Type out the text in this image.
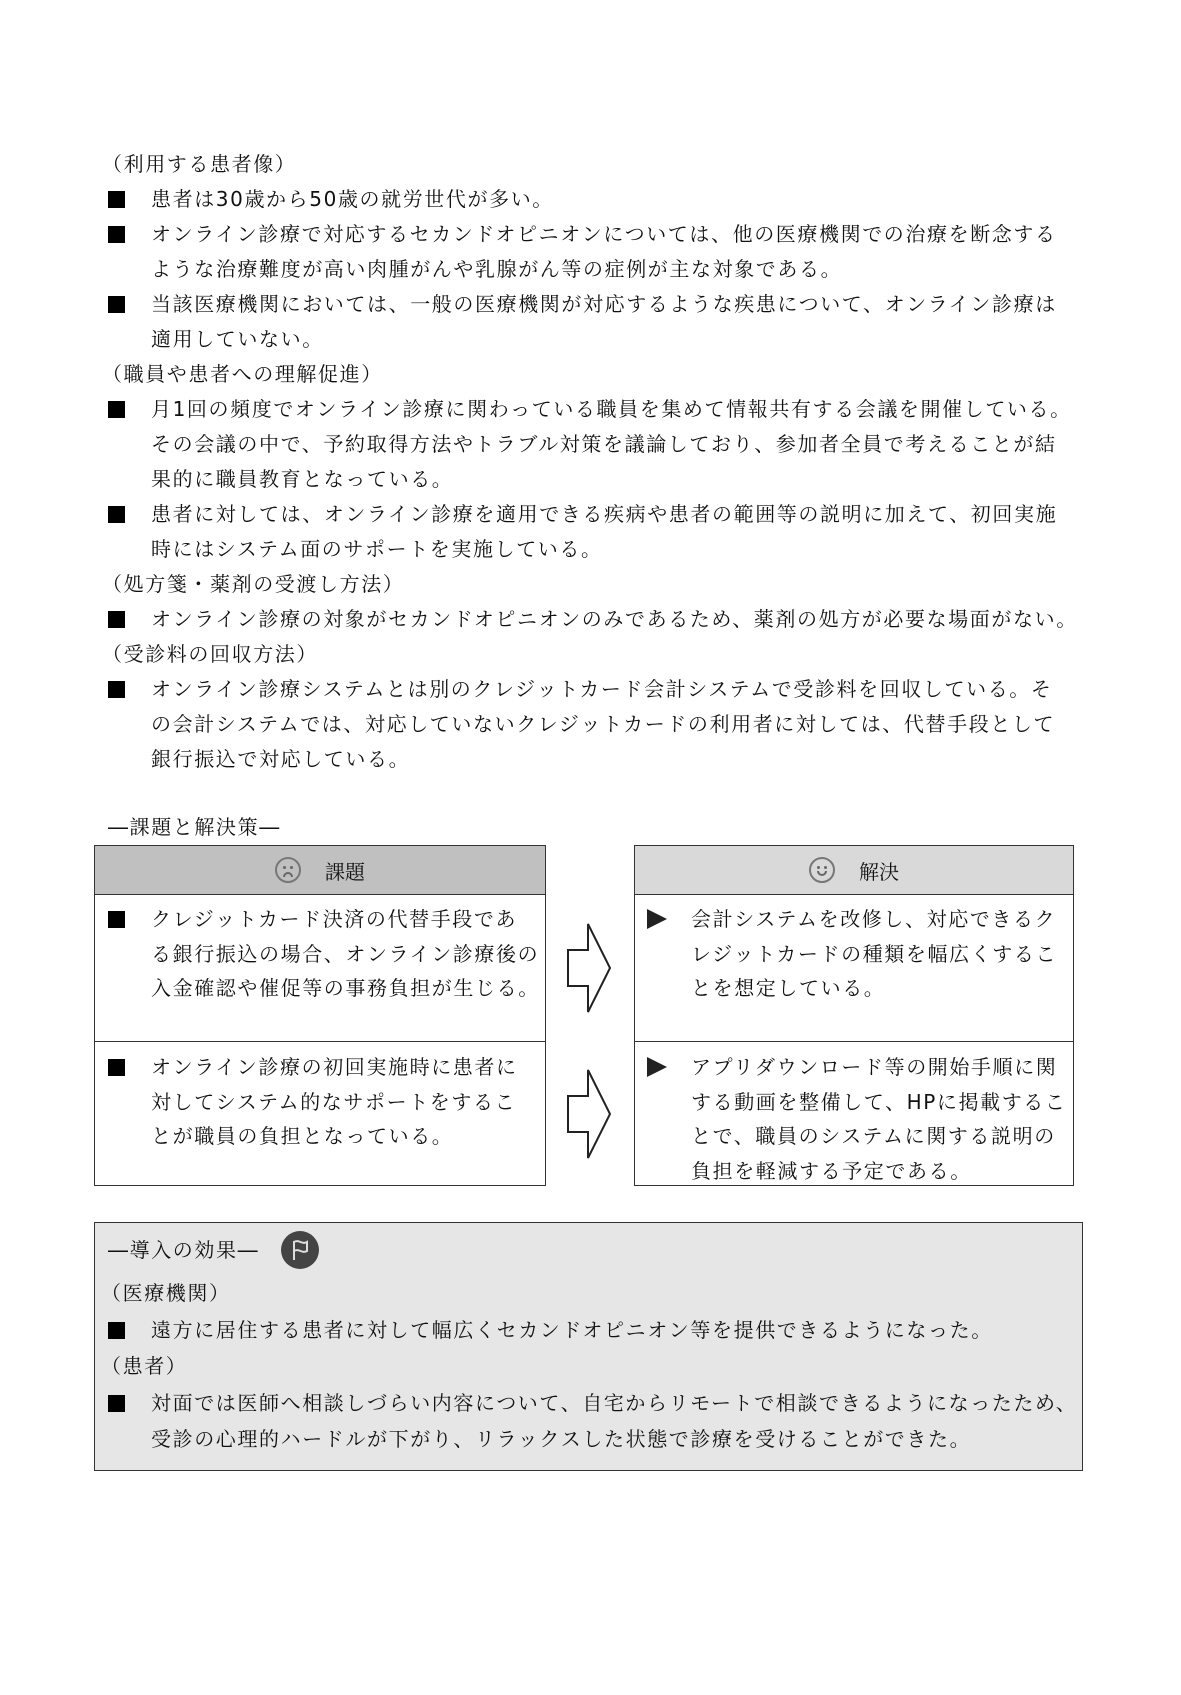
（利用する患者像）
患者は30歳から50歳の就労世代が多い。
オンライン診療で対応するセカンドオピニオンについては、他の医療機関での治療を断念する
ような治療難度が高い肉腫がんや乳腺がん等の症例が主な対象である。
当該医療機関においては、一般の医療機関が対応するような疾患について、オンライン診療は
適用していない。
（職員や患者への理解促進）
月1回の頻度でオンライン診療に関わっている職員を集めて情報共有する会議を開催している。
その会議の中で、予約取得方法やトラブル対策を議論しており、参加者全員で考えることが結
果的に職員教育となっている。
患者に対しては、オンライン診療を適用できる疾病や患者の範囲等の説明に加えて、初回実施
時にはシステム面のサポートを実施している。
（処方箋・薬剤の受渡し方法）
オンライン診療の対象がセカンドオピニオンのみであるため、薬剤の処方が必要な場面がない。
（受診料の回収方法）
オンライン診療システムとは別のクレジットカード会計システムで受診料を回収している。そ
の会計システムでは、対応していないクレジットカードの利用者に対しては、代替手段として
銀行振込で対応している。
―課題と解決策―
課題
クレジットカード決済の代替手段であ
る銀行振込の場合、オンライン診療後の
入金確認や催促等の事務負担が生じる。
オンライン診療の初回実施時に患者に
対してシステム的なサポートをするこ
とが職員の負担となっている。
解決
会計システムを改修し、対応できるク
レジットカードの種類を幅広くするこ
とを想定している。
アプリダウンロード等の開始手順に関
する動画を整備して、HPに掲載するこ
とで、職員のシステムに関する説明の
負担を軽減する予定である。
―導入の効果―
（医療機関）
遠方に居住する患者に対して幅広くセカンドオピニオン等を提供できるようになった。
（患者）
対面では医師へ相談しづらい内容について、自宅からリモートで相談できるようになったため、
受診の心理的ハードルが下がり、リラックスした状態で診療を受けることができた。
